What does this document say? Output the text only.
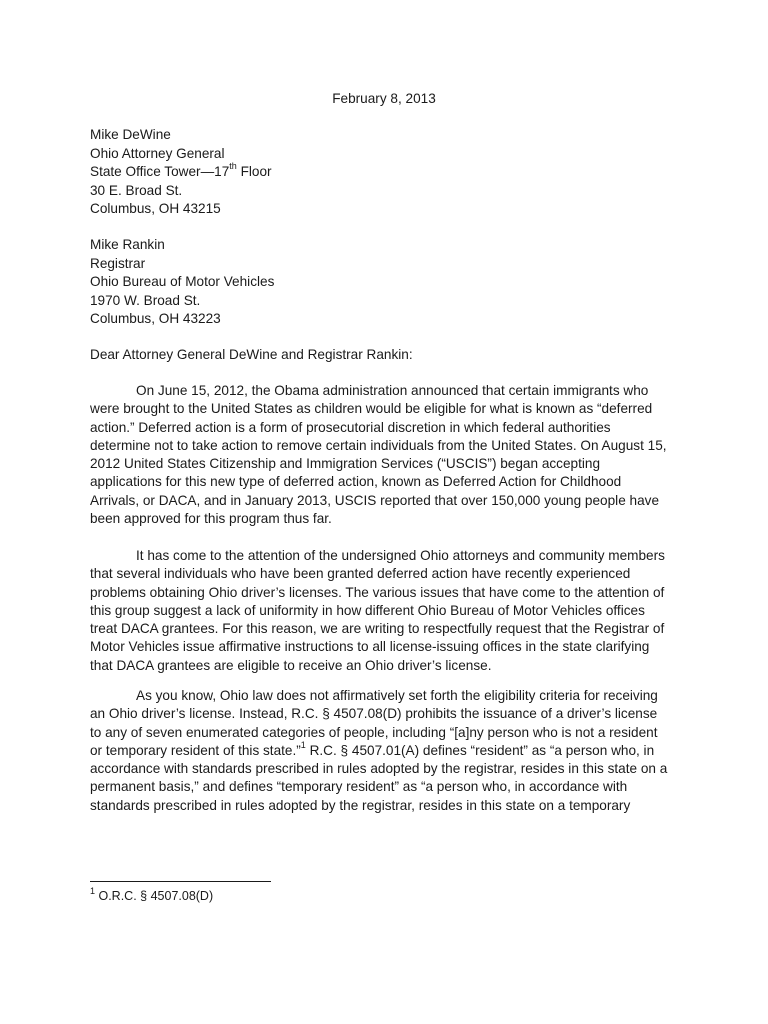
February 8, 2013
Mike DeWine
Ohio Attorney General
State Office Tower—17th Floor
30 E. Broad St.
Columbus, OH 43215
Mike Rankin
Registrar
Ohio Bureau of Motor Vehicles
1970 W. Broad St.
Columbus, OH 43223
Dear Attorney General DeWine and Registrar Rankin:
On June 15, 2012, the Obama administration announced that certain immigrants who
were brought to the United States as children would be eligible for what is known as “deferred
action.” Deferred action is a form of prosecutorial discretion in which federal authorities
determine not to take action to remove certain individuals from the United States. On August 15,
2012 United States Citizenship and Immigration Services (“USCIS”) began accepting
applications for this new type of deferred action, known as Deferred Action for Childhood
Arrivals, or DACA, and in January 2013, USCIS reported that over 150,000 young people have
been approved for this program thus far.
It has come to the attention of the undersigned Ohio attorneys and community members
that several individuals who have been granted deferred action have recently experienced
problems obtaining Ohio driver’s licenses. The various issues that have come to the attention of
this group suggest a lack of uniformity in how different Ohio Bureau of Motor Vehicles offices
treat DACA grantees. For this reason, we are writing to respectfully request that the Registrar of
Motor Vehicles issue affirmative instructions to all license-issuing offices in the state clarifying
that DACA grantees are eligible to receive an Ohio driver’s license.
As you know, Ohio law does not affirmatively set forth the eligibility criteria for receiving
an Ohio driver’s license. Instead, R.C. § 4507.08(D) prohibits the issuance of a driver’s license
to any of seven enumerated categories of people, including “[a]ny person who is not a resident
or temporary resident of this state.”$^1$ R.C. § 4507.01(A) defines “resident” as “a person who, in
accordance with standards prescribed in rules adopted by the registrar, resides in this state on a
permanent basis,” and defines “temporary resident” as “a person who, in accordance with
standards prescribed in rules adopted by the registrar, resides in this state on a temporary
$^1$ O.R.C. § 4507.08(D)
